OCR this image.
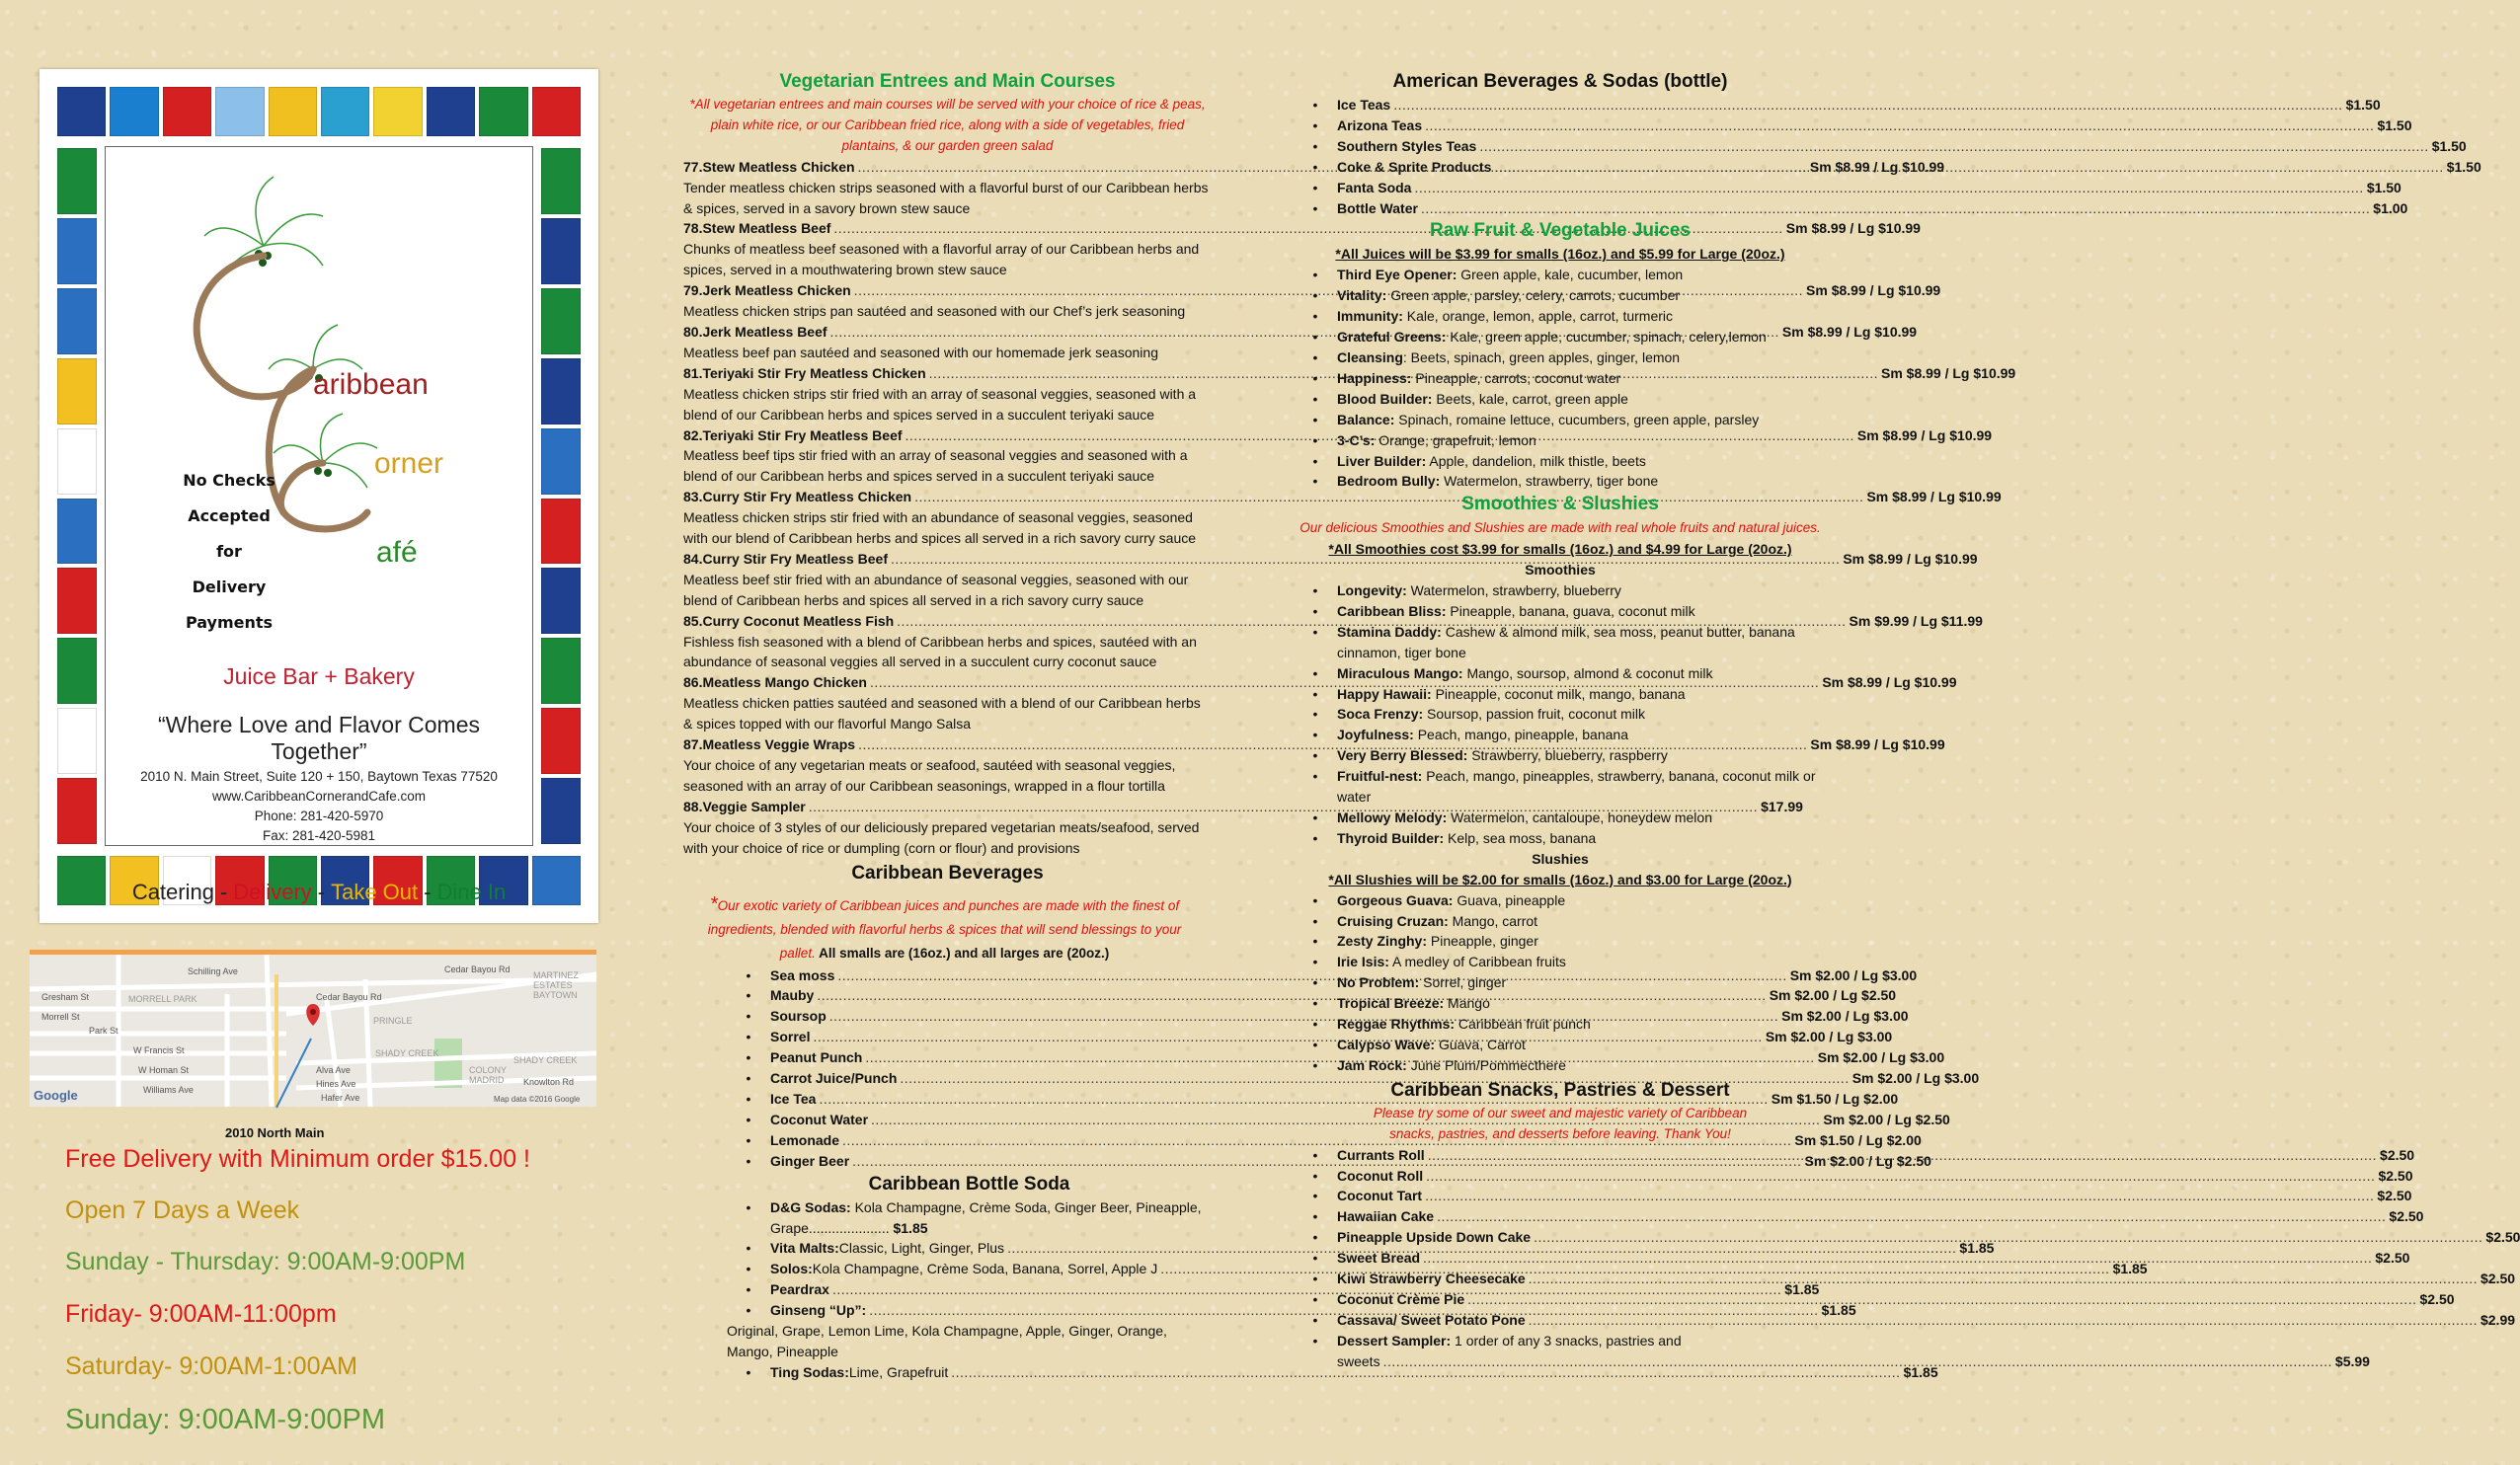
aribbean
orner
afé
No Checks
Accepted
for
Delivery
Payments
Juice Bar + Bakery
“Where Love and Flavor Comes Together”
2010 N. Main Street, Suite 120 + 150, Baytown Texas 77520
www.CaribbeanCornerandCafe.com
Phone: 281-420-5970
Fax: 281-420-5981
Catering - Delivery - Take Out - Dine In
Schilling Ave
Gresham St
Morrell St
MORRELL PARK
Park St
W Francis St
W Homan St
Williams Ave
SHADY CREEK
PRINGLE
Cedar Bayou Rd
Cedar Bayou Rd
MARTINEZ ESTATES BAYTOWN
SHADY CREEK
COLONY MADRID
Alva Ave
Hines Ave
Hafer Ave
Knowlton Rd
Google	Map data ©2016 Google
2010 North Main
Free Delivery with Minimum order $15.00 !
Open 7 Days a Week
Sunday - Thursday: 9:00AM-9:00PM
Friday- 9:00AM-11:00pm
Saturday- 9:00AM-1:00AM
Sunday: 9:00AM-9:00PM
Vegetarian Entrees and Main Courses
*All vegetarian entrees and main courses will be served with your choice of rice & peas, plain white rice, or our Caribbean fried rice, along with a side of vegetables, fried plantains, & our garden green salad
77. Stew Meatless Chicken .....	Sm $8.99 / Lg $10.99
Tender meatless chicken strips seasoned with a flavorful burst of our Caribbean herbs & spices, served in a savory brown stew sauce
78. Stew Meatless Beef .....	Sm $8.99 / Lg $10.99
Chunks of meatless beef seasoned with a flavorful array of our Caribbean herbs and spices, served in a mouthwatering brown stew sauce
79. Jerk Meatless Chicken .....	Sm $8.99 / Lg $10.99
Meatless chicken strips pan sautéed and seasoned with our Chef’s jerk seasoning
80. Jerk Meatless Beef .....	Sm $8.99 / Lg $10.99
Meatless beef pan sautéed and seasoned with our homemade jerk seasoning
81. Teriyaki Stir Fry Meatless Chicken .....	Sm $8.99 / Lg $10.99
Meatless chicken strips stir fried with an array of seasonal veggies, seasoned with a blend of our Caribbean herbs and spices served in a succulent teriyaki sauce
82. Teriyaki Stir Fry Meatless Beef .....	Sm $8.99 / Lg $10.99
Meatless beef tips stir fried with an array of seasonal veggies and seasoned with a blend of our Caribbean herbs and spices served in a succulent teriyaki sauce
83. Curry Stir Fry Meatless Chicken .....	Sm $8.99 / Lg $10.99
Meatless chicken strips stir fried with an abundance of seasonal veggies, seasoned with our blend of Caribbean herbs and spices all served in a rich savory curry sauce
84. Curry Stir Fry Meatless Beef .....	Sm $8.99 / Lg $10.99
Meatless beef stir fried with an abundance of seasonal veggies, seasoned with our blend of Caribbean herbs and spices all served in a rich savory curry sauce
85. Curry Coconut Meatless Fish .....	Sm $9.99 / Lg $11.99
Fishless fish seasoned with a blend of Caribbean herbs and spices, sautéed with an abundance of seasonal veggies all served in a succulent curry coconut sauce
86. Meatless Mango Chicken .....	Sm $8.99 / Lg $10.99
Meatless chicken patties sautéed and seasoned with a blend of our Caribbean herbs & spices topped with our flavorful Mango Salsa
87. Meatless Veggie Wraps .....	Sm $8.99 / Lg $10.99
Your choice of any vegetarian meats or seafood, sautéed with seasonal veggies, seasoned with an array of our Caribbean seasonings, wrapped in a flour tortilla
88. Veggie Sampler .....	$17.99
Your choice of 3 styles of our deliciously prepared vegetarian meats/seafood, served with your choice of rice or dumpling (corn or flour) and provisions
Caribbean Beverages
*Our exotic variety of Caribbean juices and punches are made with the finest of ingredients, blended with flavorful herbs & spices that will send blessings to your pallet. All smalls are (16oz.) and all larges are (20oz.)
•	Sea moss .....	Sm $2.00 / Lg $3.00
•	Mauby .....	Sm $2.00 / Lg $2.50
•	Soursop .....	Sm $2.00 / Lg $3.00
•	Sorrel .....	Sm $2.00 / Lg $3.00
•	Peanut Punch .....	Sm $2.00 / Lg $3.00
•	Carrot Juice/Punch .....	Sm $2.00 / Lg $3.00
•	Ice Tea .....	Sm $1.50 / Lg $2.00
•	Coconut Water .....	Sm $2.00 / Lg $2.50
•	Lemonade .....	Sm $1.50 / Lg $2.00
•	Ginger Beer .....	Sm $2.00 / Lg $2.50
Caribbean Bottle Soda
•	D&G Sodas: Kola Champagne, Crème Soda, Ginger Beer, Pineapple,
Grape..................... $1.85
•	Vita Malts: Classic, Light, Ginger, Plus .....	$1.85
•	Solos: Kola Champagne, Crème Soda, Banana, Sorrel, Apple J .....	$1.85
•	Peardrax .....	$1.85
•	Ginseng “Up”: .....	$1.85
Original, Grape, Lemon Lime, Kola Champagne, Apple, Ginger, Orange, Mango, Pineapple
•	Ting Sodas: Lime, Grapefruit .....	$1.85
American Beverages & Sodas (bottle)
•	Ice Teas .....	$1.50
•	Arizona Teas .....	$1.50
•	Southern Styles Teas .....	$1.50
•	Coke & Sprite Products .....	$1.50
•	Fanta Soda .....	$1.50
•	Bottle Water .....	$1.00
Raw Fruit & Vegetable Juices
*All Juices will be $3.99 for smalls (16oz.) and $5.99 for Large (20oz.)
•	Third Eye Opener: Green apple, kale, cucumber, lemon
•	Vitality: Green apple, parsley, celery, carrots, cucumber
•	Immunity: Kale, orange, lemon, apple, carrot, turmeric
•	Grateful Greens: Kale, green apple, cucumber, spinach, celery,lemon
•	Cleansing: Beets, spinach, green apples, ginger, lemon
•	Happiness: Pineapple, carrots, coconut water
•	Blood Builder: Beets, kale, carrot, green apple
•	Balance: Spinach, romaine lettuce, cucumbers, green apple, parsley
•	3-C’s: Orange, grapefruit, lemon
•	Liver Builder: Apple, dandelion, milk thistle, beets
•	Bedroom Bully: Watermelon, strawberry, tiger bone
Smoothies & Slushies
Our delicious Smoothies and Slushies are made with real whole fruits and natural juices. *All Smoothies cost $3.99 for smalls (16oz.) and $4.99 for Large (20oz.)
Smoothies
•	Longevity: Watermelon, strawberry, blueberry
•	Caribbean Bliss: Pineapple, banana, guava, coconut milk
•	Stamina Daddy: Cashew & almond milk, sea moss, peanut butter, banana cinnamon, tiger bone
•	Miraculous Mango: Mango, soursop, almond & coconut milk
•	Happy Hawaii: Pineapple, coconut milk, mango, banana
•	Soca Frenzy: Soursop, passion fruit, coconut milk
•	Joyfulness: Peach, mango, pineapple, banana
•	Very Berry Blessed: Strawberry, blueberry, raspberry
•	Fruitful-nest: Peach, mango, pineapples, strawberry, banana, coconut milk or water
•	Mellowy Melody: Watermelon, cantaloupe, honeydew melon
•	Thyroid Builder: Kelp, sea moss, banana
Slushies
*All Slushies will be $2.00 for smalls (16oz.) and $3.00 for Large (20oz.)
•	Gorgeous Guava: Guava, pineapple
•	Cruising Cruzan: Mango, carrot
•	Zesty Zinghy: Pineapple, ginger
•	Irie Isis: A medley of Caribbean fruits
•	No Problem: Sorrel, ginger
•	Tropical Breeze: Mango
•	Reggae Rhythms: Caribbean fruit punch
•	Calypso Wave: Guava, Carrot
•	Jam Rock: June Plum/Pommecthere
Caribbean Snacks, Pastries & Dessert
Please try some of our sweet and majestic variety of Caribbean snacks, pastries, and desserts before leaving. Thank You!
•	Currants Roll .....	$2.50
•	Coconut Roll .....	$2.50
•	Coconut Tart .....	$2.50
•	Hawaiian Cake .....	$2.50
•	Pineapple Upside Down Cake .....	$2.50
•	Sweet Bread .....	$2.50
•	Kiwi Strawberry Cheesecake .....	$2.50
•	Coconut Crème Pie .....	$2.50
•	Cassava/ Sweet Potato Pone .....	$2.99
•	Dessert Sampler: 1 order of any 3 snacks, pastries and
sweets .....	$5.99
